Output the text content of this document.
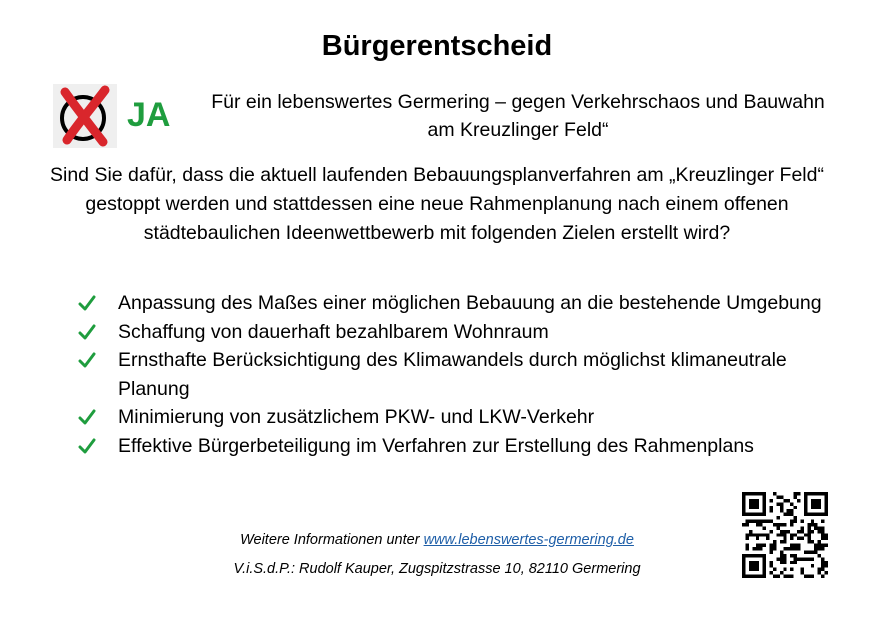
Bürgerentscheid
JA	Für ein lebenswertes Germering – gegen Verkehrschaos und Bauwahn am Kreuzlinger Feld“
Sind Sie dafür, dass die aktuell laufenden Bebauungsplanverfahren am „Kreuzlinger Feld“ gestoppt werden und stattdessen eine neue Rahmenplanung nach einem offenen städtebaulichen Ideenwettbewerb mit folgenden Zielen erstellt wird?
Anpassung des Maßes einer möglichen Bebauung an die bestehende Umgebung
Schaffung von dauerhaft bezahlbarem Wohnraum
Ernsthafte Berücksichtigung des Klimawandels durch möglichst klimaneutrale Planung
Minimierung von zusätzlichem PKW- und LKW-Verkehr
Effektive Bürgerbeteiligung im Verfahren zur Erstellung des Rahmenplans
Weitere Informationen unter www.lebenswertes-germering.de
V.i.S.d.P.: Rudolf Kauper, Zugspitzstrasse 10, 82110 Germering
